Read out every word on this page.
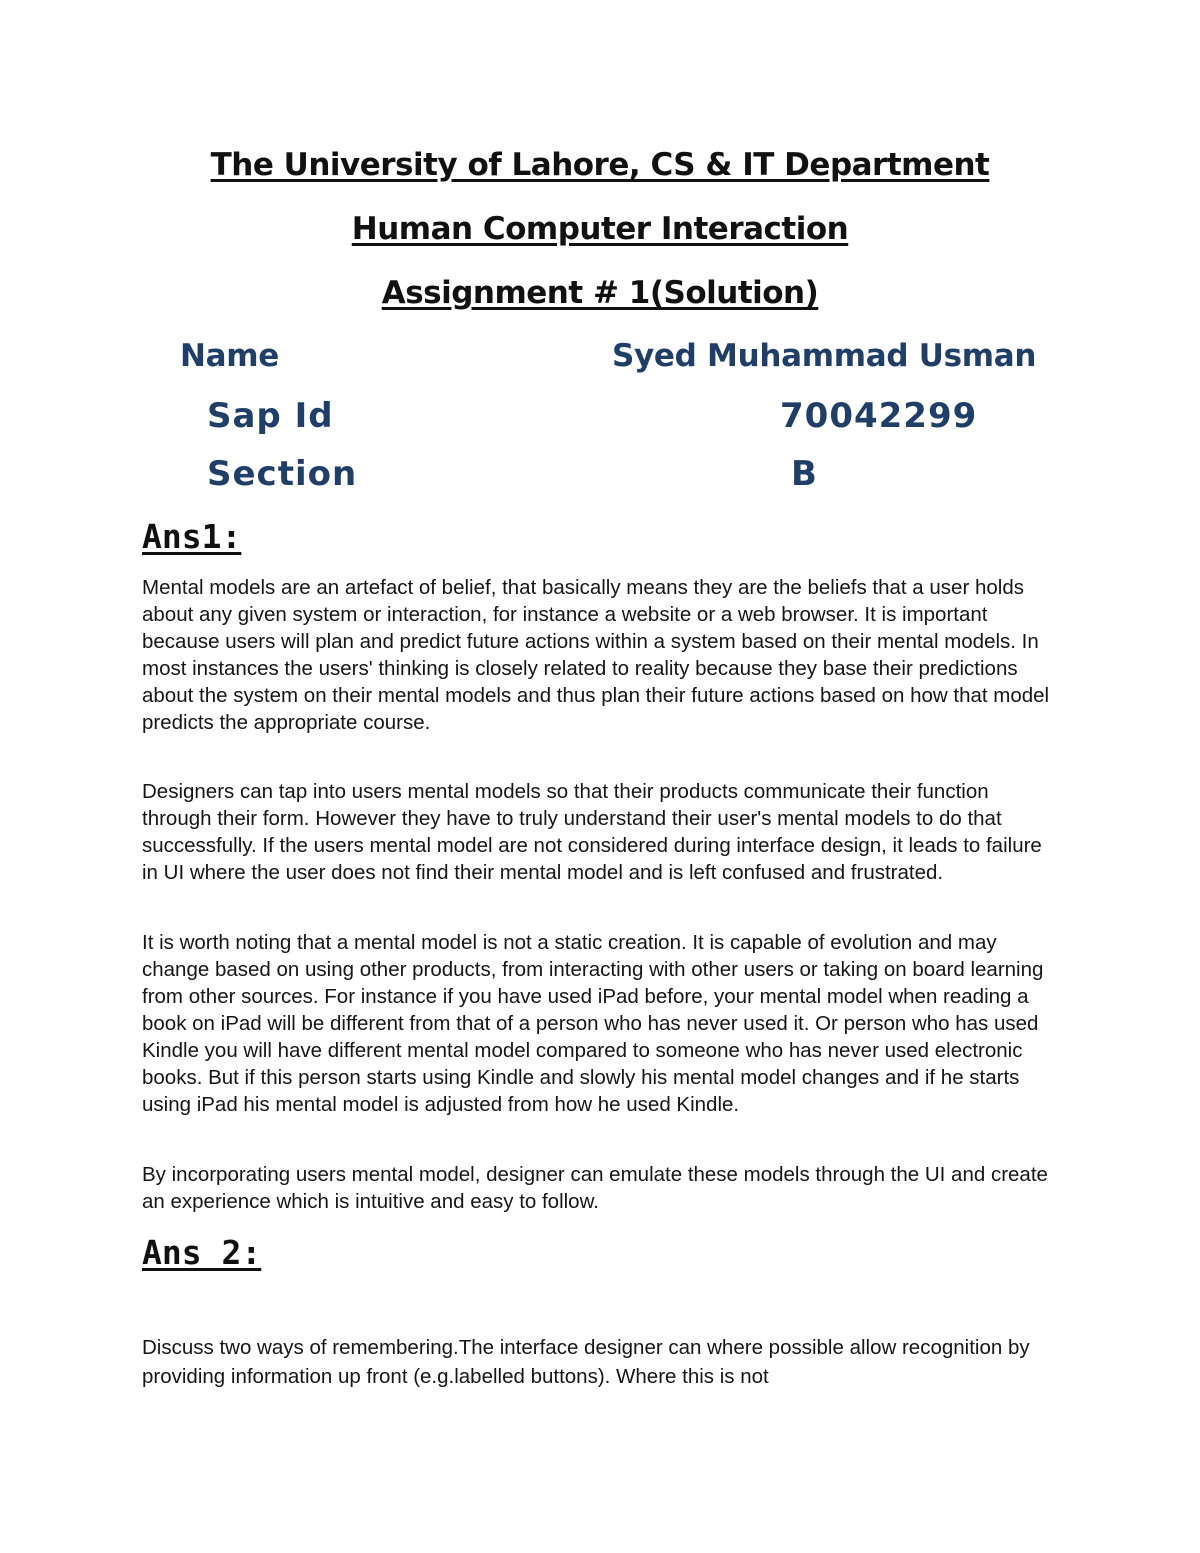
The University of Lahore, CS & IT Department
Human Computer Interaction
Assignment # 1(Solution)
Name	Syed Muhammad Usman
Sap Id	70042299
Section	B
Ans1:

Mental models are an artefact of belief, that basically means they are the beliefs that a user holds about any given system or interaction, for instance a website or a web browser. It is important because users will plan and predict future actions within a system based on their mental models. In most instances the users' thinking is closely related to reality because they base their predictions about the system on their mental models and thus plan their future actions based on how that model predicts the appropriate course.

Designers can tap into users mental models so that their products communicate their function through their form. However they have to truly understand their user's mental models to do that successfully. If the users mental model are not considered during interface design, it leads to failure in UI where the user does not find their mental model and is left confused and frustrated.

It is worth noting that a mental model is not a static creation. It is capable of evolution and may change based on using other products, from interacting with other users or taking on board learning from other sources. For instance if you have used iPad before, your mental model when reading a book on iPad will be different from that of a person who has never used it. Or person who has used Kindle you will have different mental model compared to someone who has never used electronic books. But if this person starts using Kindle and slowly his mental model changes and if he starts using iPad his mental model is adjusted from how he used Kindle.

By incorporating users mental model, designer can emulate these models through the UI and create an experience which is intuitive and easy to follow.

Ans 2:

Discuss two ways of remembering.The interface designer can where possible allow recognition by providing information up front (e.g.labelled buttons). Where this is not
